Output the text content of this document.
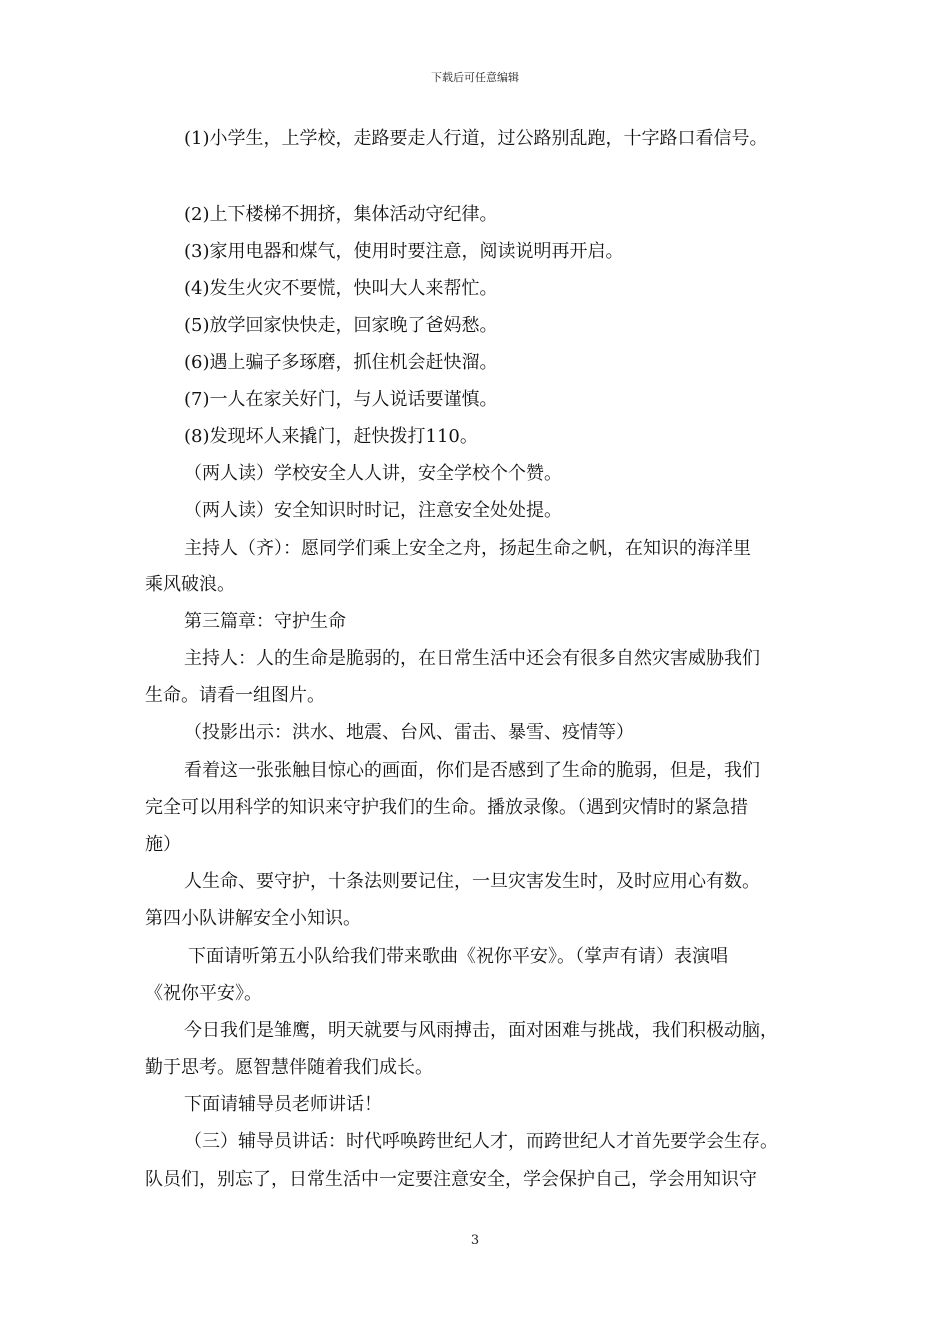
下载后可任意编辑
(1)小学生，上学校，走路要走人行道，过公路别乱跑，十字路口看信号。
(2)上下楼梯不拥挤，集体活动守纪律。
(3)家用电器和煤气，使用时要注意，阅读说明再开启。
(4)发生火灾不要慌，快叫大人来帮忙。
(5)放学回家快快走，回家晚了爸妈愁。
(6)遇上骗子多琢磨，抓住机会赶快溜。
(7)一人在家关好门，与人说话要谨慎。
(8)发现坏人来撬门，赶快拨打110。
（两人读）学校安全人人讲，安全学校个个赞。
（两人读）安全知识时时记，注意安全处处提。
主持人（齐）：愿同学们乘上安全之舟，扬起生命之帆，在知识的海洋里
乘风破浪。
第三篇章：守护生命
主持人：人的生命是脆弱的，在日常生活中还会有很多自然灾害威胁我们
生命。请看一组图片。
（投影出示：洪水、地震、台风、雷击、暴雪、疫情等）
看着这一张张触目惊心的画面，你们是否感到了生命的脆弱，但是，我们
完全可以用科学的知识来守护我们的生命。播放录像。（遇到灾情时的紧急措
施）
人生命、要守护，十条法则要记住，一旦灾害发生时，及时应用心有数。
第四小队讲解安全小知识。
下面请听第五小队给我们带来歌曲《祝你平安》。（掌声有请）表演唱
《祝你平安》。
今日我们是雏鹰，明天就要与风雨搏击，面对困难与挑战，我们积极动脑，
勤于思考。愿智慧伴随着我们成长。
下面请辅导员老师讲话！
（三）辅导员讲话：时代呼唤跨世纪人才，而跨世纪人才首先要学会生存。
队员们，别忘了，日常生活中一定要注意安全，学会保护自己，学会用知识守
3
